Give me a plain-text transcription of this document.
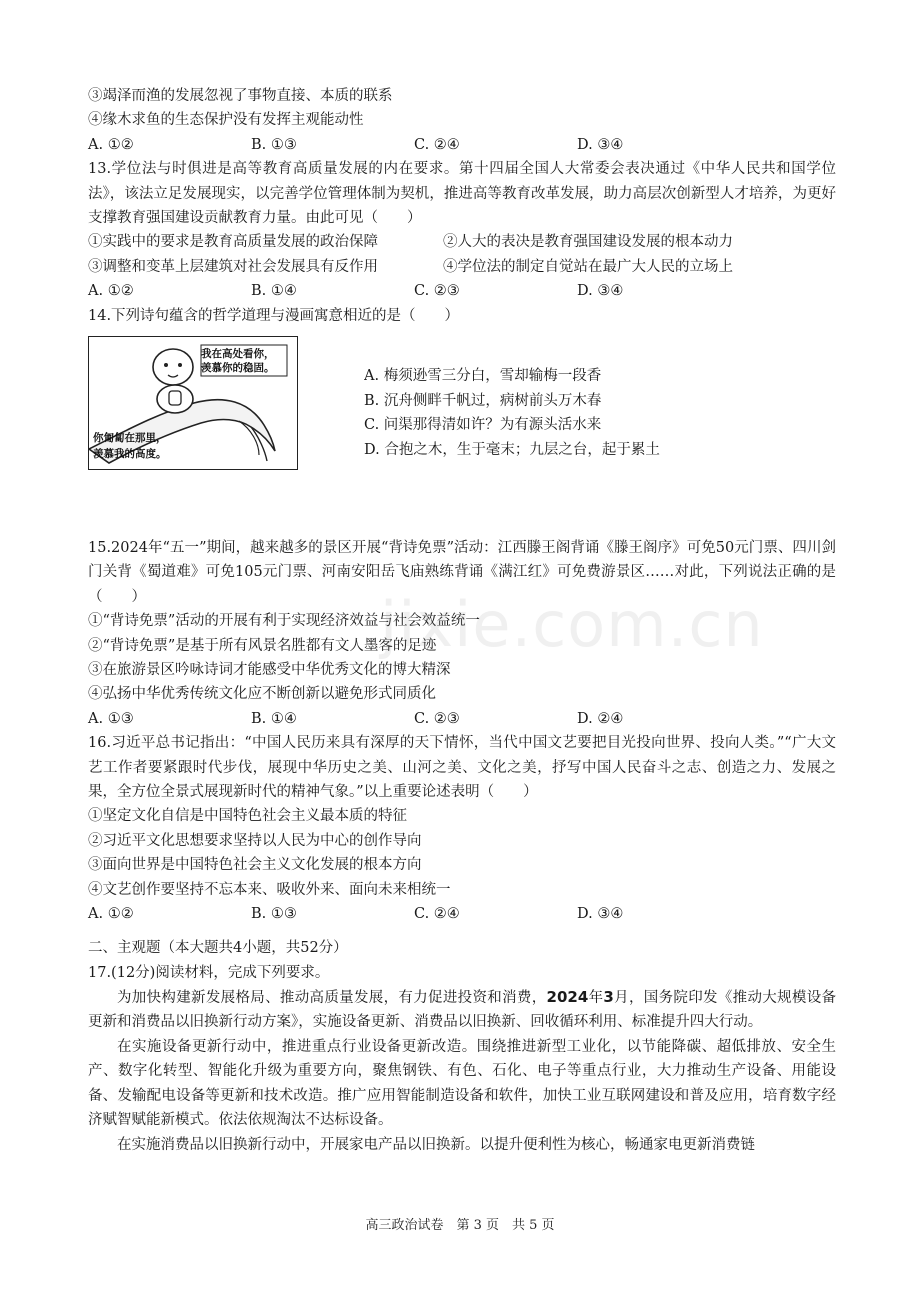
③竭泽而渔的发展忽视了事物直接、本质的联系
④缘木求鱼的生态保护没有发挥主观能动性
A. ①②	B. ①③	C. ②④	D. ③④
13.学位法与时俱进是高等教育高质量发展的内在要求。第十四届全国人大常委会表决通过《中华人民共和国学位法》，该法立足发展现实，以完善学位管理体制为契机，推进高等教育改革发展，助力高层次创新型人才培养，为更好支撑教育强国建设贡献教育力量。由此可见（　　）
①实践中的要求是教育高质量发展的政治保障	②人大的表决是教育强国建设发展的根本动力
③调整和变革上层建筑对社会发展具有反作用	④学位法的制定自觉站在最广大人民的立场上
A. ①②	B. ①④	C. ②③	D. ③④
14.下列诗句蕴含的哲学道理与漫画寓意相近的是（　　）
我在高处看你，
羡慕你的稳固。
你匍匐在那里，
羡慕我的高度。
A. 梅须逊雪三分白，雪却输梅一段香
B. 沉舟侧畔千帆过，病树前头万木春
C. 问渠那得清如许？为有源头活水来
D. 合抱之木，生于毫末；九层之台，起于累土
15.2024年“五一”期间，越来越多的景区开展“背诗免票”活动：江西滕王阁背诵《滕王阁序》可免50元门票、四川剑门关背《蜀道难》可免105元门票、河南安阳岳飞庙熟练背诵《满江红》可免费游景区……对此，下列说法正确的是（　　）
①“背诗免票”活动的开展有利于实现经济效益与社会效益统一
②“背诗免票”是基于所有风景名胜都有文人墨客的足迹
③在旅游景区吟咏诗词才能感受中华优秀文化的博大精深
④弘扬中华优秀传统文化应不断创新以避免形式同质化
A. ①③	B. ①④	C. ②③	D. ②④
16.习近平总书记指出：“中国人民历来具有深厚的天下情怀，当代中国文艺要把目光投向世界、投向人类。”“广大文艺工作者要紧跟时代步伐，展现中华历史之美、山河之美、文化之美，抒写中国人民奋斗之志、创造之力、发展之果，全方位全景式展现新时代的精神气象。”以上重要论述表明（　　）
①坚定文化自信是中国特色社会主义最本质的特征
②习近平文化思想要求坚持以人民为中心的创作导向
③面向世界是中国特色社会主义文化发展的根本方向
④文艺创作要坚持不忘本来、吸收外来、面向未来相统一
A. ①②	B. ①③	C. ②④	D. ③④
二、主观题（本大题共4小题，共52分）
17.(12分)阅读材料，完成下列要求。
为加快构建新发展格局、推动高质量发展，有力促进投资和消费，2024年3月，国务院印发《推动大规模设备更新和消费品以旧换新行动方案》，实施设备更新、消费品以旧换新、回收循环利用、标准提升四大行动。
在实施设备更新行动中，推进重点行业设备更新改造。围绕推进新型工业化，以节能降碳、超低排放、安全生产、数字化转型、智能化升级为重要方向，聚焦钢铁、有色、石化、电子等重点行业，大力推动生产设备、用能设备、发输配电设备等更新和技术改造。推广应用智能制造设备和软件，加快工业互联网建设和普及应用，培育数字经济赋智赋能新模式。依法依规淘汰不达标设备。
在实施消费品以旧换新行动中，开展家电产品以旧换新。以提升便利性为核心，畅通家电更新消费链
jixie.com.cn
高三政治试卷　第 3 页　共 5 页
